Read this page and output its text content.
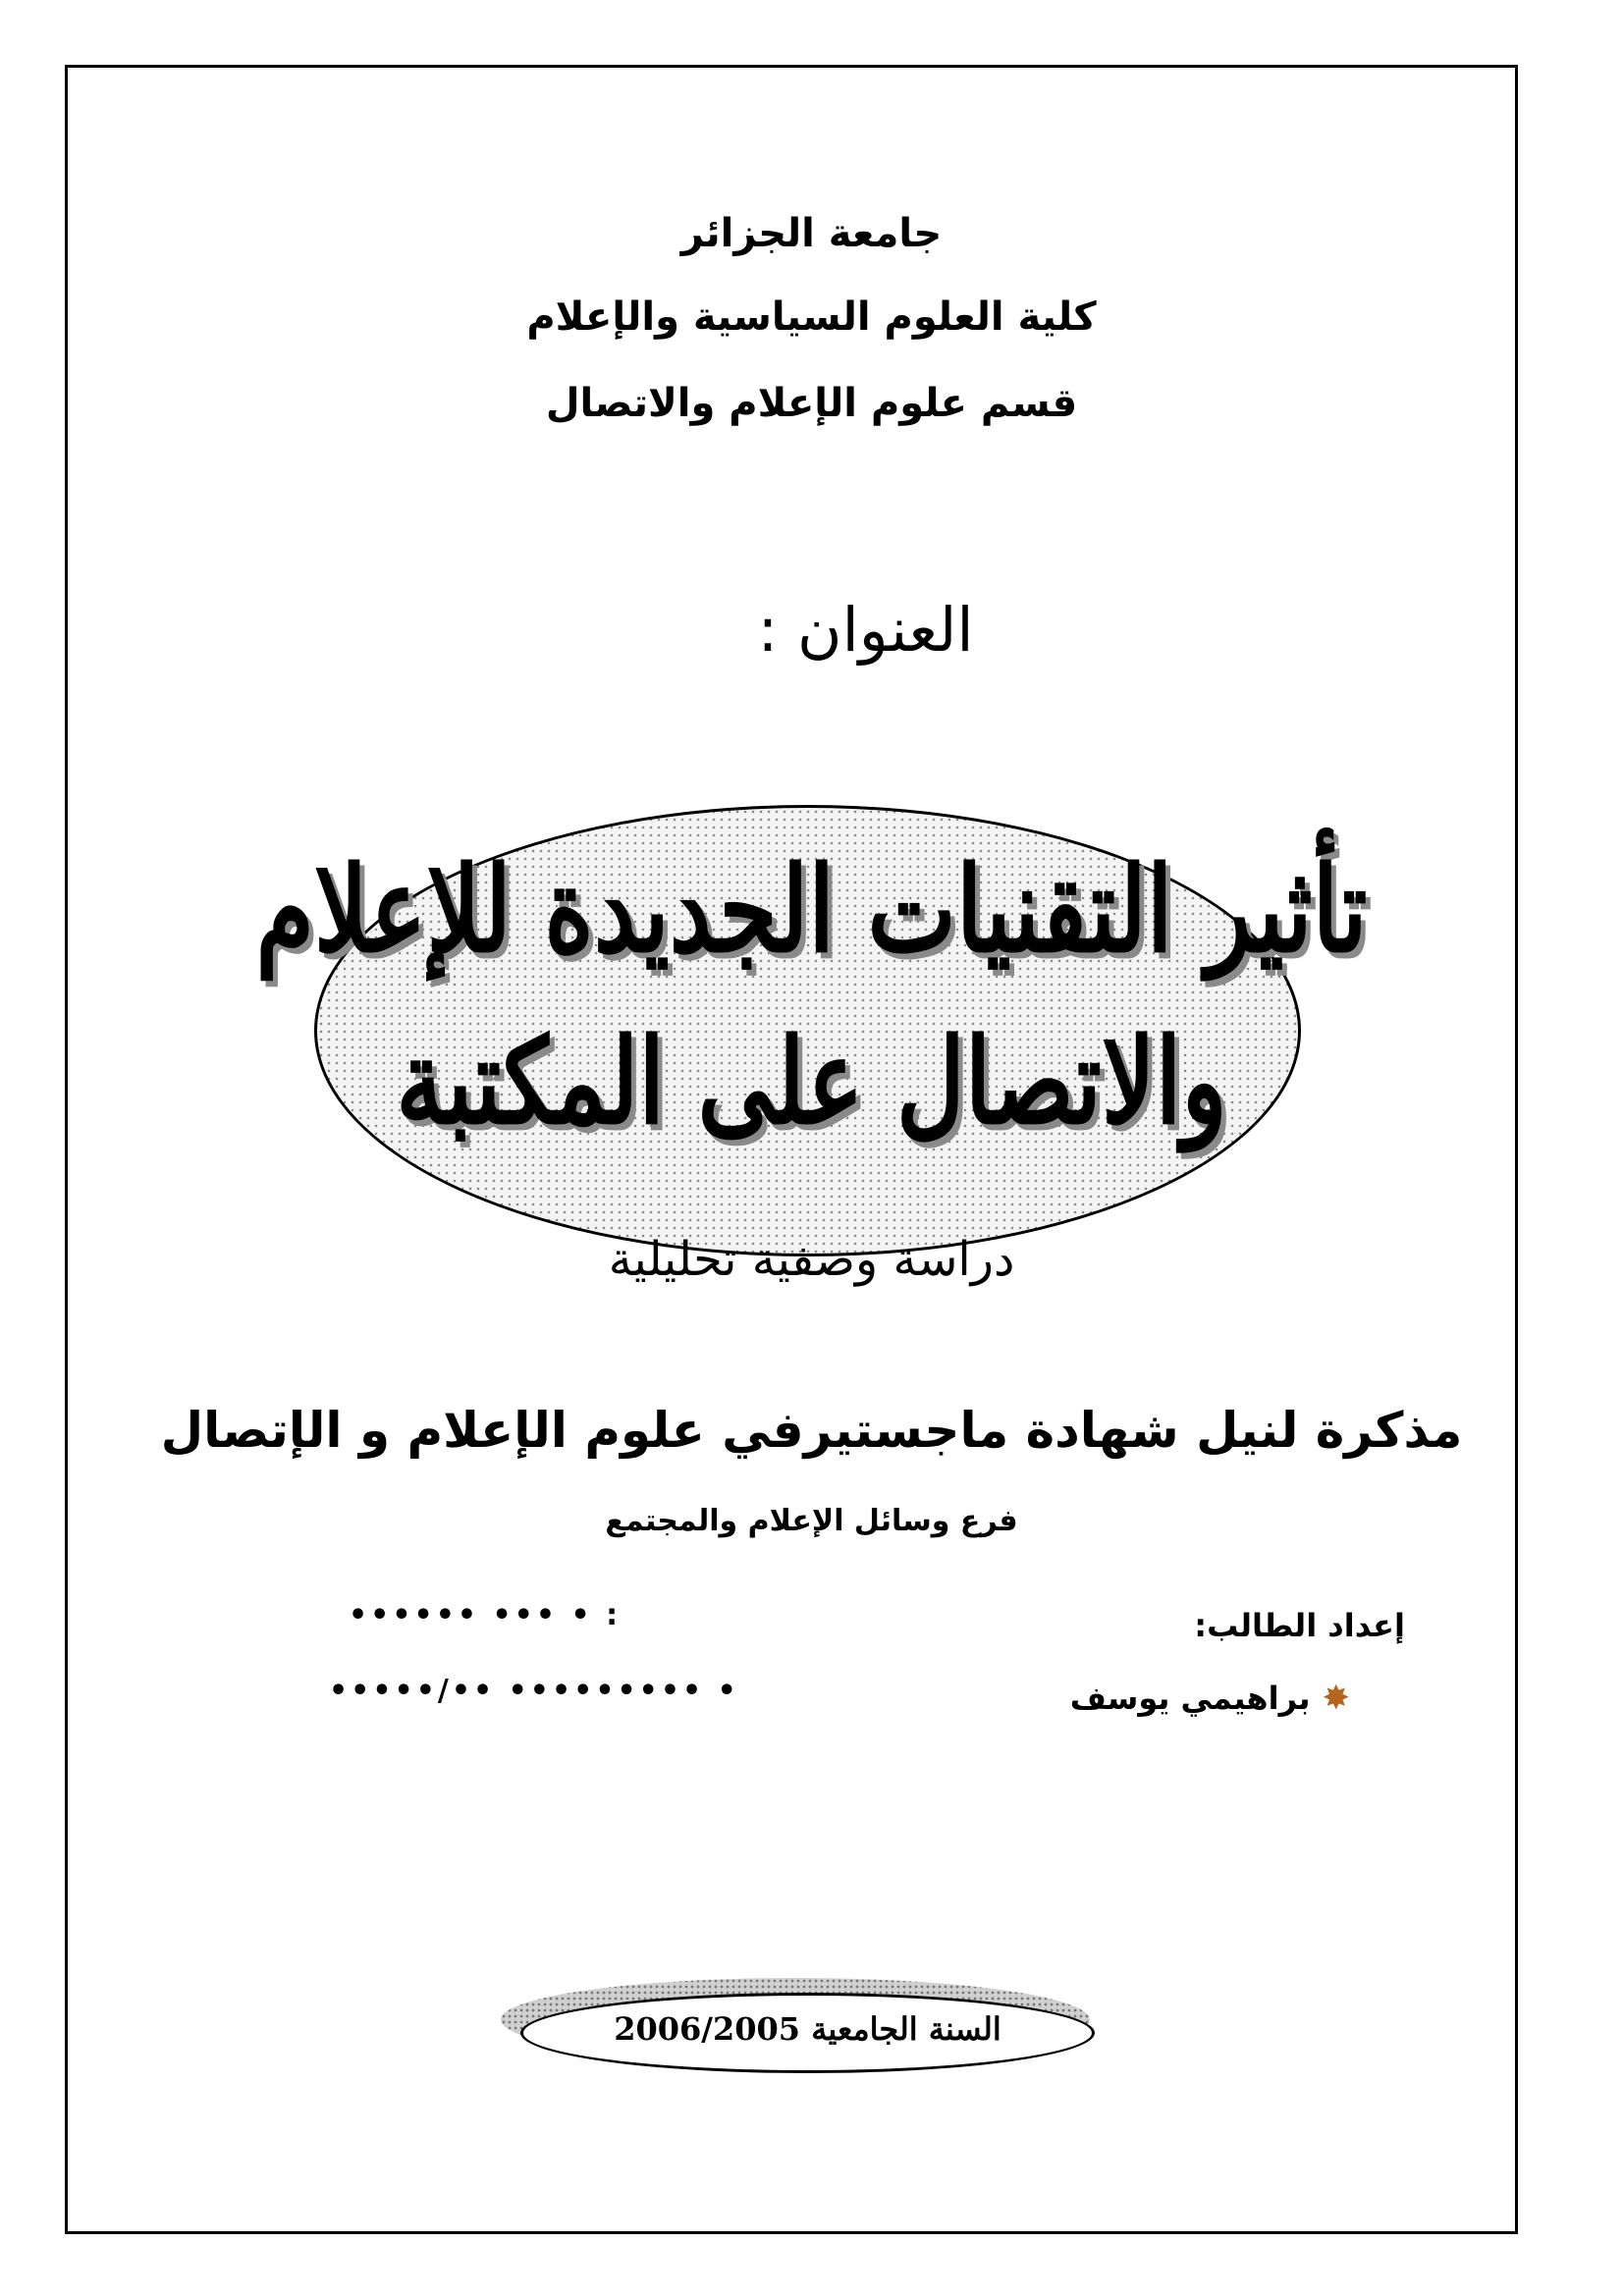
جامعة الجزائر
كلية العلوم السياسية والإعلام
قسم علوم الإعلام والاتصال
العنوان :
تأثير التقنيات الجديدة للإعلام
والاتصال على المكتبة
دراسة وصفية تحليلية
مذكرة لنيل شهادة ماجستيرفي علوم الإعلام و الإتصال
فرع وسائل الإعلام والمجتمع
إعداد الطالب:
✸
براهيمي يوسف
: • ••• ••••••
• ••••••••• ••/•••••
السنة الجامعية 2006/2005
